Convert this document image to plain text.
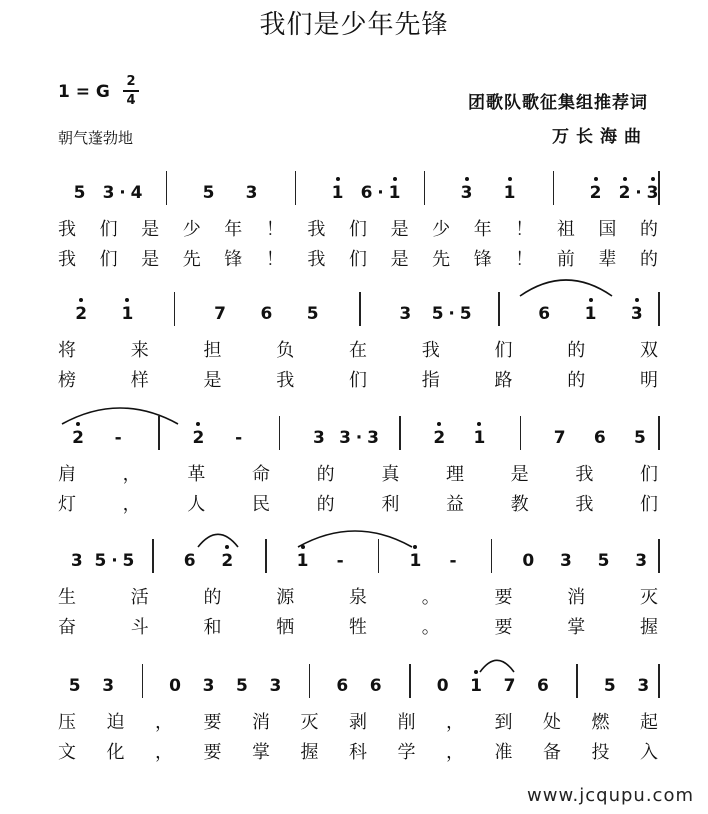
我们是少年先锋
1 = G
2
4
朝气蓬勃地
团歌队歌征集组推荐词
万长海曲
5 3 · 4	5 3	1 6 · 1	3 1	2 2 · 3
我 们 是 少 年 ！ 我 们 是 少 年 ！ 祖 国 的
我 们 是 先 锋 ！ 我 们 是 先 锋 ！ 前 辈 的
2 1	7 6 5	3 5 · 5	6 1 3
将	来	担	负	在	我	们	的	双
榜	样	是	我	们	指	路	的	明
2 -	2 -	3 3 · 3	2 1	7 6 5
肩	，	革	命	的	真	理	是	我	们
灯	，	人	民	的	利	益	教	我	们
3 5 · 5	6 2	1 -	1 -	0 3 5 3
生	活	的	源	泉	。	要	消	灭
奋	斗	和	牺	牲	。	要	掌	握
5 3	0 3 5 3	6 6	0 1 7 6	5 3
压 迫 ， 要 消 灭 剥 削 ， 到 处 燃 起
文 化 ， 要 掌 握 科 学 ， 准 备 投 入
www.jcqupu.com
